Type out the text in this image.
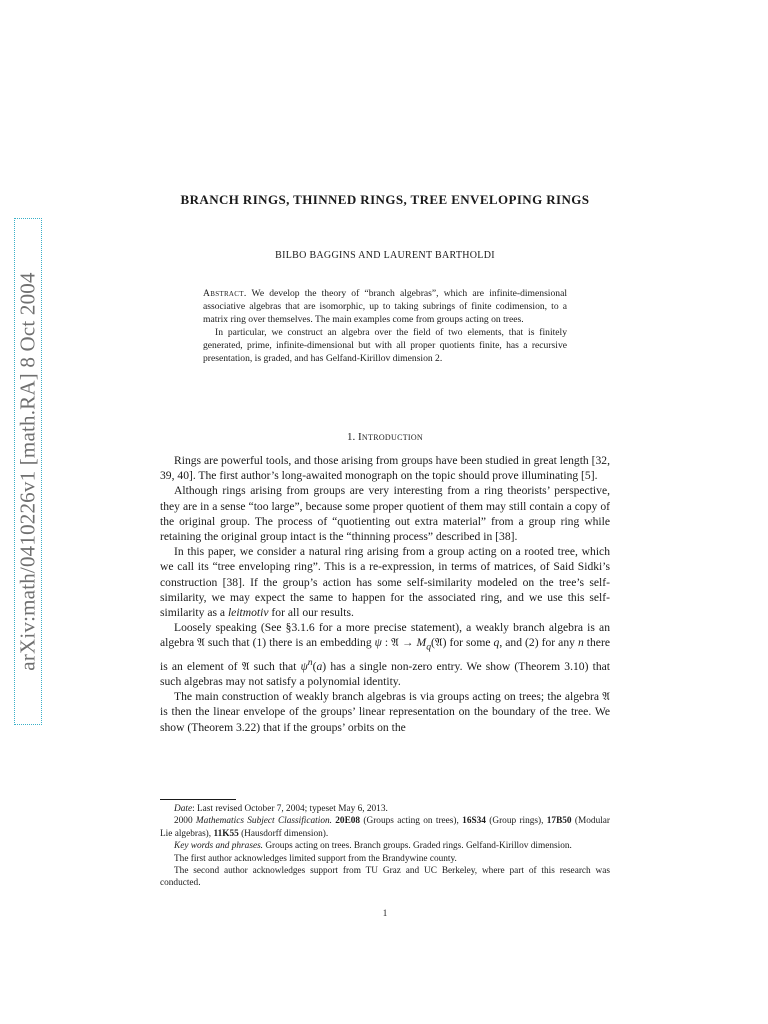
arXiv:math/0410226v1 [math.RA] 8 Oct 2004
BRANCH RINGS, THINNED RINGS, TREE ENVELOPING RINGS
BILBO BAGGINS AND LAURENT BARTHOLDI

Abstract. We develop the theory of “branch algebras”, which are infinite-dimensional associative algebras that are isomorphic, up to taking subrings of finite codimension, to a matrix ring over themselves. The main examples come from groups acting on trees.

In particular, we construct an algebra over the field of two elements, that is finitely generated, prime, infinite-dimensional but with all proper quotients finite, has a recursive presentation, is graded, and has Gelfand-Kirillov dimension 2.

1. Introduction

Rings are powerful tools, and those arising from groups have been studied in great length [32, 39, 40]. The first author’s long-awaited monograph on the topic should prove illuminating [5].

Although rings arising from groups are very interesting from a ring theorists’ perspective, they are in a sense “too large”, because some proper quotient of them may still contain a copy of the original group. The process of “quotienting out extra material” from a group ring while retaining the original group intact is the “thinning process” described in [38].

In this paper, we consider a natural ring arising from a group acting on a rooted tree, which we call its “tree enveloping ring”. This is a re-expression, in terms of matrices, of Said Sidki’s construction [38]. If the group’s action has some self-similarity modeled on the tree’s self-similarity, we may expect the same to happen for the associated ring, and we use this self-similarity as a leitmotiv for all our results.

Loosely speaking (See §3.1.6 for a more precise statement), a weakly branch algebra is an algebra 𝔄 such that (1) there is an embedding ψ : 𝔄 → $M_q(𝔄)$ for some q, and (2) for any n there is an element of 𝔄 such that $\psi^n(a)$ has a single non-zero entry. We show (Theorem 3.10) that such algebras may not satisfy a polynomial identity.

The main construction of weakly branch algebras is via groups acting on trees; the algebra 𝔄 is then the linear envelope of the groups’ linear representation on the boundary of the tree. We show (Theorem 3.22) that if the groups’ orbits on the

Date: Last revised October 7, 2004; typeset May 6, 2013.

2000 Mathematics Subject Classification. 20E08 (Groups acting on trees), 16S34 (Group rings), 17B50 (Modular Lie algebras), 11K55 (Hausdorff dimension).

Key words and phrases. Groups acting on trees. Branch groups. Graded rings. Gelfand-Kirillov dimension.

The first author acknowledges limited support from the Brandywine county.

The second author acknowledges support from TU Graz and UC Berkeley, where part of this research was conducted.

1
